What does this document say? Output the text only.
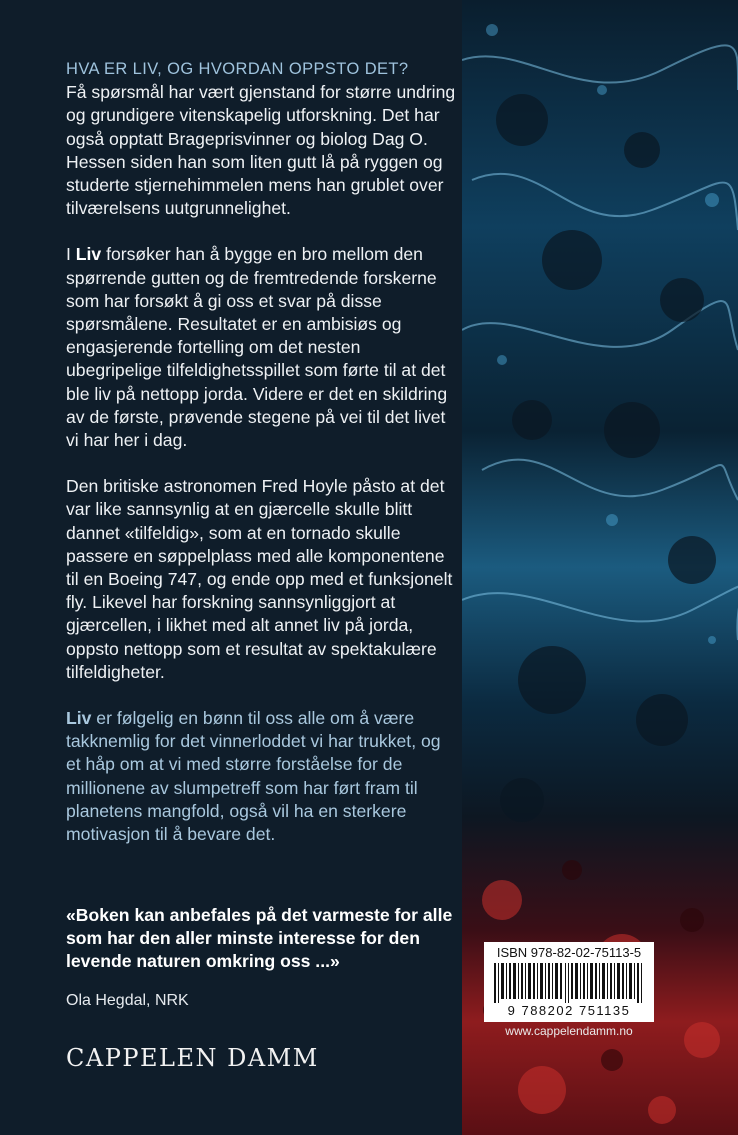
HVA ER LIV, OG HVORDAN OPPSTO DET?

Få spørsmål har vært gjenstand for større undring og grundigere vitenskapelig utforskning. Det har også opptatt Brageprisvinner og biolog Dag O. Hessen siden han som liten gutt lå på ryggen og studerte stjernehimmelen mens han grublet over tilværelsens uutgrunnelighet.

I Liv forsøker han å bygge en bro mellom den spørrende gutten og de fremtredende forskerne som har forsøkt å gi oss et svar på disse spørsmålene. Resultatet er en ambisiøs og engasjerende fortelling om det nesten ubegripelige tilfeldighetsspillet som førte til at det ble liv på nettopp jorda. Videre er det en skildring av de første, prøvende stegene på vei til det livet vi har her i dag.

Den britiske astronomen Fred Hoyle påsto at det var like sannsynlig at en gjærcelle skulle blitt dannet «tilfeldig», som at en tornado skulle passere en søppelplass med alle komponentene til en Boeing 747, og ende opp med et funksjonelt fly. Likevel har forskning sannsynliggjort at gjærcellen, i likhet med alt annet liv på jorda, oppsto nettopp som et resultat av spektakulære tilfeldigheter.

Liv er følgelig en bønn til oss alle om å være takknemlig for det vinnerloddet vi har trukket, og et håp om at vi med større forståelse for de millionene av slumpetreff som har ført fram til planetens mangfold, også vil ha en sterkere motivasjon til å bevare det.

«Boken kan anbefales på det varmeste for alle som har den aller minste interesse for den levende naturen omkring oss ...»

Ola Hegdal, NRK

CAPPELEN DAMM

ISBN 978-82-02-75113-5

9 788202 751135

www.cappelendamm.no
